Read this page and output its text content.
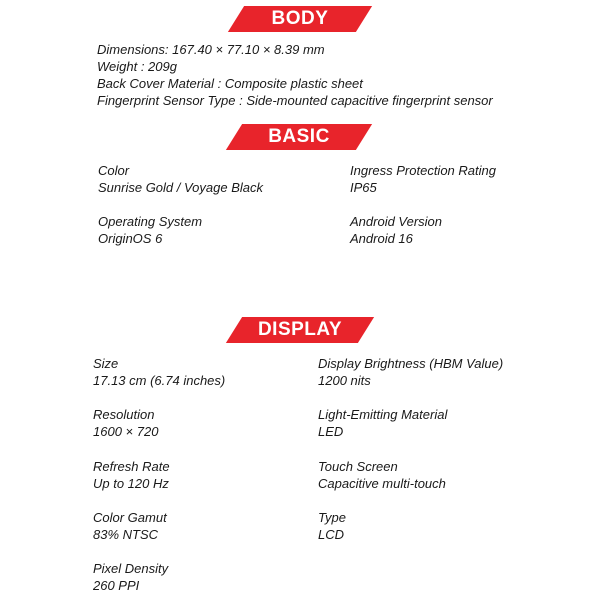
BODY
Dimensions: 167.40 × 77.10 × 8.39 mm
Weight : 209g
Back Cover Material : Composite plastic sheet
Fingerprint Sensor Type : Side-mounted capacitive fingerprint sensor
BASIC
Color
Sunrise Gold / Voyage Black
Ingress Protection Rating
IP65
Operating System
OriginOS 6
Android Version
Android 16
DISPLAY
Size
17.13 cm (6.74 inches)
Display Brightness (HBM Value)
1200 nits
Resolution
1600 × 720
Light-Emitting Material
LED
Refresh Rate
Up to 120 Hz
Touch Screen
Capacitive multi-touch
Color Gamut
83% NTSC
Type
LCD
Pixel Density
260 PPI
